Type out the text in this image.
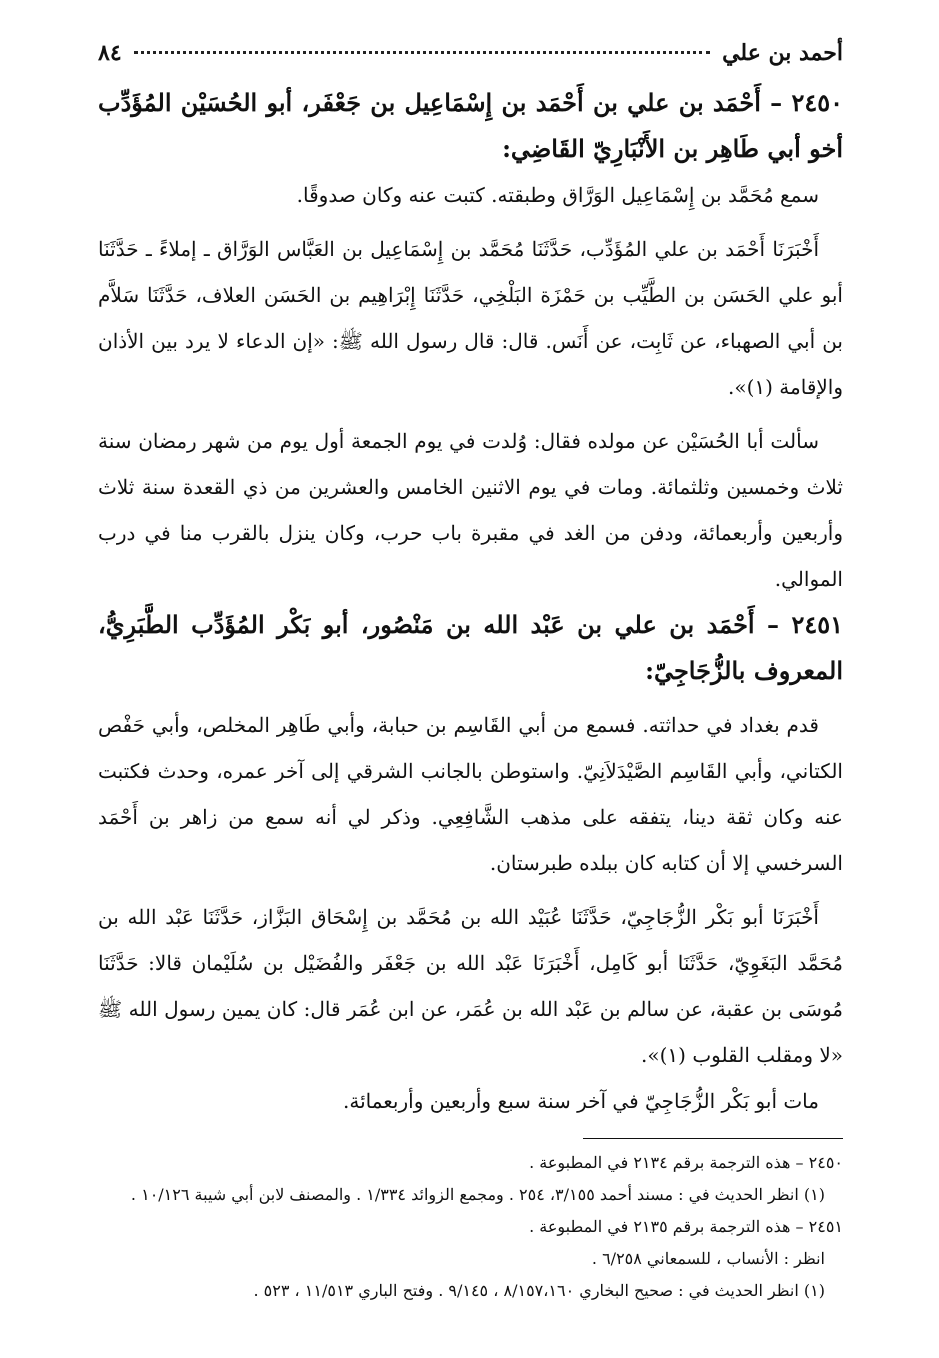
أحمد بن علي
٨٤
٢٤٥٠ – أَحْمَد بن علي بن أَحْمَد بن إِسْمَاعِيل بن جَعْفَر، أبو الحُسَيْن المُؤَدِّب أخو أبي طَاهِر بن الأَنْبَارِيّ القَاضِي:

سمع مُحَمَّد بن إِسْمَاعِيل الوَرَّاق وطبقته. كتبت عنه وكان صدوقًا.

أَخْبَرَنَا أَحْمَد بن علي المُؤَدِّب، حَدَّثَنَا مُحَمَّد بن إِسْمَاعِيل بن العَبَّاس الوَرَّاق ـ إملاءً ـ حَدَّثَنَا أبو علي الحَسَن بن الطَّيِّب بن حَمْزَة البَلْخِي، حَدَّثَنَا إِبْرَاهِيم بن الحَسَن العلاف، حَدَّثَنَا سَلاَّم بن أبي الصهباء، عن ثَابِت، عن أَنَس. قال: قال رسول الله ﷺ: «إن الدعاء لا يرد بين الأذان والإقامة (١)».

سألت أبا الحُسَيْن عن مولده فقال: وُلدت في يوم الجمعة أول يوم من شهر رمضان سنة ثلاث وخمسين وثلثمائة. ومات في يوم الاثنين الخامس والعشرين من ذي القعدة سنة ثلاث وأربعين وأربعمائة، ودفن من الغد في مقبرة باب حرب، وكان ينزل بالقرب منا في درب الموالي.

٢٤٥١ – أَحْمَد بن علي بن عَبْد الله بن مَنْصُور، أبو بَكْر المُؤَدِّب الطَّبَرِيُّ، المعروف بالزُّجَاجِيّ:

قدم بغداد في حداثته. فسمع من أبي القَاسِم بن حبابة، وأبي طَاهِر المخلص، وأبي حَفْص الكتاني، وأبي القَاسِم الصَّيْدَلاَنِيّ. واستوطن بالجانب الشرقي إلى آخر عمره، وحدث فكتبت عنه وكان ثقة دينا، يتفقه على مذهب الشَّافِعِي. وذكر لي أنه سمع من زاهر بن أَحْمَد السرخسي إلا أن كتابه كان ببلده طبرستان.

أَخْبَرَنَا أبو بَكْر الزُّجَاجِيّ، حَدَّثَنَا عُبَيْد الله بن مُحَمَّد بن إِسْحَاق البَزَّاز، حَدَّثَنَا عَبْد الله بن مُحَمَّد البَغَوِيّ، حَدَّثَنَا أبو كَامِل، أَخْبَرَنَا عَبْد الله بن جَعْفَر والفُضَيْل بن سُلَيْمان قالا: حَدَّثَنَا مُوسَى بن عقبة، عن سالم بن عَبْد الله بن عُمَر، عن ابن عُمَر قال: كان يمين رسول الله ﷺ «لا ومقلب القلوب (١)».

مات أبو بَكْر الزُّجَاجِيّ في آخر سنة سبع وأربعين وأربعمائة.

٢٤٥٠ – هذه الترجمة برقم ٢١٣٤ في المطبوعة .

(١) انظر الحديث في : مسند أحمد ٣/١٥٥، ٢٥٤ . ومجمع الزوائد ١/٣٣٤ . والمصنف لابن أبي شيبة ١٠/١٢٦ .

٢٤٥١ – هذه الترجمة برقم ٢١٣٥ في المطبوعة .

انظر : الأنساب ، للسمعاني ٦/٢٥٨ .

(١) انظر الحديث في : صحيح البخاري ٨/١٥٧،١٦٠ ، ٩/١٤٥ . وفتح الباري ١١/٥١٣ ، ٥٢٣ .
